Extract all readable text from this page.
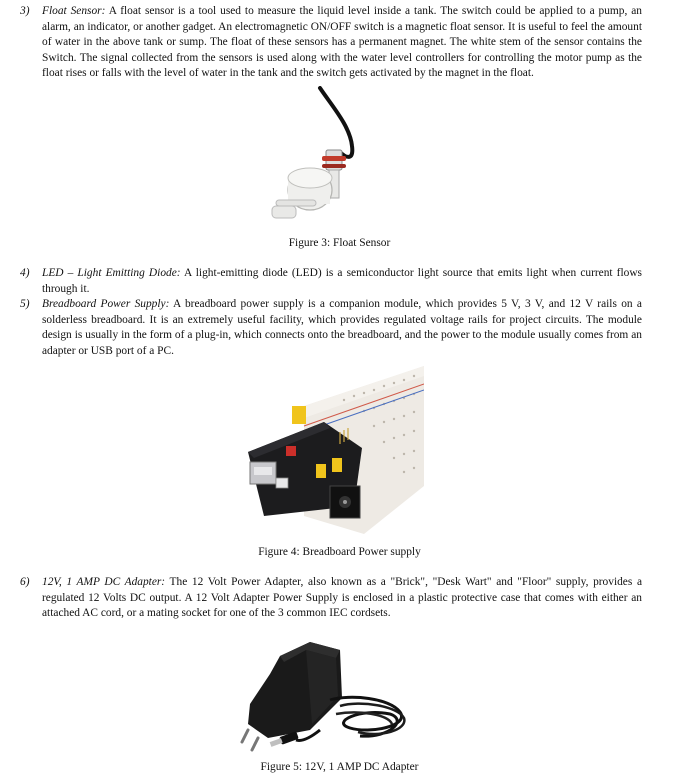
3) Float Sensor: A float sensor is a tool used to measure the liquid level inside a tank. The switch could be applied to a pump, an alarm, an indicator, or another gadget. An electromagnetic ON/OFF switch is a magnetic float sensor. It is useful to feel the amount of water in the above tank or sump. The float of these sensors has a permanent magnet. The white stem of the sensor contains the Switch. The signal collected from the sensors is used along with the water level controllers for controlling the motor pump as the float rises or falls with the level of water in the tank and the switch gets activated by the magnet in the float.
Figure 3: Float Sensor
4) LED – Light Emitting Diode: A light-emitting diode (LED) is a semiconductor light source that emits light when current flows through it.
5) Breadboard Power Supply: A breadboard power supply is a companion module, which provides 5 V, 3 V, and 12 V rails on a solderless breadboard. It is an extremely useful facility, which provides regulated voltage rails for project circuits. The module design is usually in the form of a plug-in, which connects onto the breadboard, and the power to the module usually comes from an adapter or USB port of a PC.
Figure 4: Breadboard Power supply
6) 12V, 1 AMP DC Adapter: The 12 Volt Power Adapter, also known as a "Brick", "Desk Wart" and "Floor" supply, provides a regulated 12 Volts DC output. A 12 Volt Adapter Power Supply is enclosed in a plastic protective case that comes with either an attached AC cord, or a mating socket for one of the 3 common IEC cordsets.
Figure 5: 12V, 1 AMP DC Adapter
